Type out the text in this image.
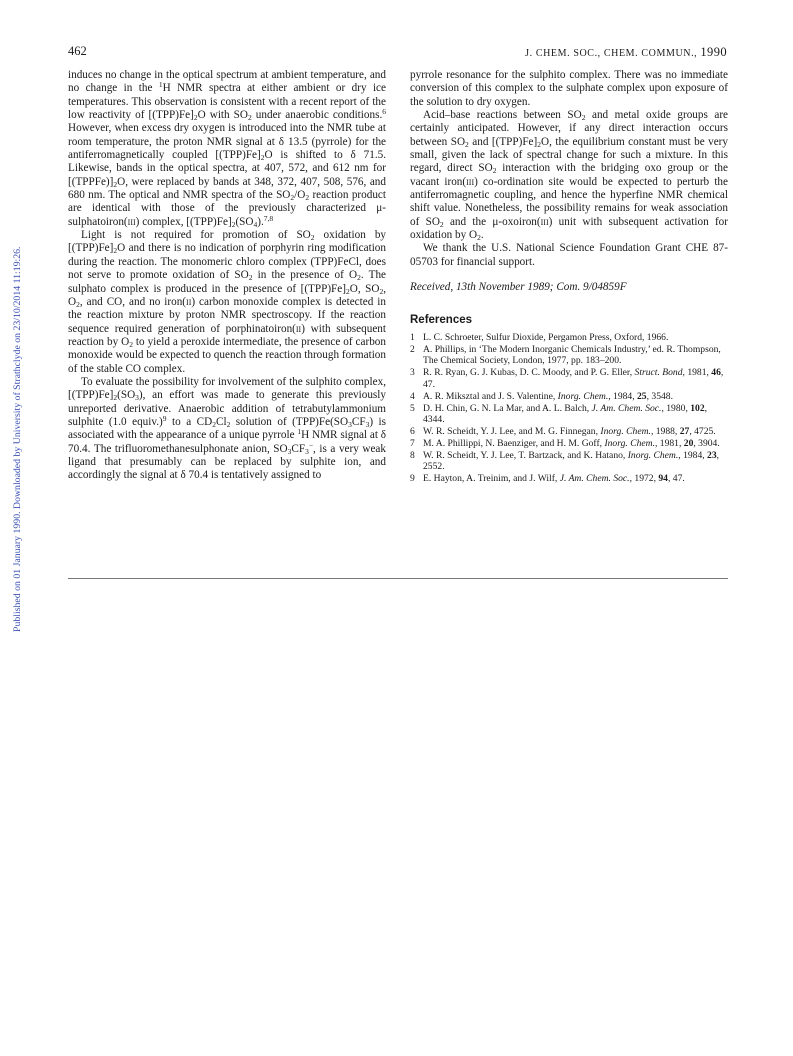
462	J. CHEM. SOC., CHEM. COMMUN., 1990
Published on 01 January 1990. Downloaded by University of Strathclyde on 23/10/2014 11:19:26.

induces no change in the optical spectrum at ambient temperature, and no change in the $^1$H NMR spectra at either ambient or dry ice temperatures. This observation is consistent with a recent report of the low reactivity of $[(TPP)Fe]_2O$ with $SO_2$ under anaerobic conditions.$^6$ However, when excess dry oxygen is introduced into the NMR tube at room temperature, the proton NMR signal at δ 13.5 (pyrrole) for the antiferromagnetically coupled $[(TPP)Fe]_2O$ is shifted to δ 71.5. Likewise, bands in the optical spectra, at 407, 572, and 612 nm for $[(TPPFe)]_2O$, were replaced by bands at 348, 372, 407, 508, 576, and 680 nm. The optical and NMR spectra of the $SO_2/O_2$ reaction product are identical with those of the previously characterized μ-sulphatoiron(iii) complex, $[(TPP)Fe]_2(SO_4).^{7,8}$

Light is not required for promotion of $SO_2$ oxidation by $[(TPP)Fe]_2O$ and there is no indication of porphyrin ring modification during the reaction. The monomeric chloro complex (TPP)FeCl, does not serve to promote oxidation of $SO_2$ in the presence of $O_2$. The sulphato complex is produced in the presence of $[(TPP)Fe]_2O$, $SO_2$, $O_2$, and CO, and no iron(ii) carbon monoxide complex is detected in the reaction mixture by proton NMR spectroscopy. If the reaction sequence required generation of porphinatoiron(ii) with subsequent reaction by $O_2$ to yield a peroxide intermediate, the presence of carbon monoxide would be expected to quench the reaction through formation of the stable CO complex.

To evaluate the possibility for involvement of the sulphito complex, $[(TPP)Fe]_2(SO_3)$, an effort was made to generate this previously unreported derivative. Anaerobic addition of tetrabutylammonium sulphite (1.0 equiv.)$^9$ to a $CD_2Cl_2$ solution of $(TPP)Fe(SO_3CF_3)$ is associated with the appearance of a unique pyrrole $^1$H NMR signal at δ 70.4. The trifluoromethanesulphonate anion, $SO_3CF_3^-$, is a very weak ligand that presumably can be replaced by sulphite ion, and accordingly the signal at δ 70.4 is tentatively assigned to

pyrrole resonance for the sulphito complex. There was no immediate conversion of this complex to the sulphate complex upon exposure of the solution to dry oxygen.

Acid–base reactions between $SO_2$ and metal oxide groups are certainly anticipated. However, if any direct interaction occurs between $SO_2$ and $[(TPP)Fe]_2O$, the equilibrium constant must be very small, given the lack of spectral change for such a mixture. In this regard, direct $SO_2$ interaction with the bridging oxo group or the vacant iron(iii) co-ordination site would be expected to perturb the antiferromagnetic coupling, and hence the hyperfine NMR chemical shift value. Nonetheless, the possibility remains for weak association of $SO_2$ and the μ-oxoiron(iii) unit with subsequent activation for oxidation by $O_2$.

We thank the U.S. National Science Foundation Grant CHE 87-05703 for financial support.

Received, 13th November 1989; Com. 9/04859F

References
1 L. C. Schroeter, Sulfur Dioxide, Pergamon Press, Oxford, 1966.
2 A. Phillips, in ‘The Modern Inorganic Chemicals Industry,’ ed. R. Thompson, The Chemical Society, London, 1977, pp. 183–200.
3 R. R. Ryan, G. J. Kubas, D. C. Moody, and P. G. Eller, Struct. Bond, 1981, 46, 47.
4 A. R. Miksztal and J. S. Valentine, Inorg. Chem., 1984, 25, 3548.
5 D. H. Chin, G. N. La Mar, and A. L. Balch, J. Am. Chem. Soc., 1980, 102, 4344.
6 W. R. Scheidt, Y. J. Lee, and M. G. Finnegan, Inorg. Chem., 1988, 27, 4725.
7 M. A. Phillippi, N. Baenziger, and H. M. Goff, Inorg. Chem., 1981, 20, 3904.
8 W. R. Scheidt, Y. J. Lee, T. Bartzack, and K. Hatano, Inorg. Chem., 1984, 23, 2552.
9 E. Hayton, A. Treinim, and J. Wilf, J. Am. Chem. Soc., 1972, 94, 47.
